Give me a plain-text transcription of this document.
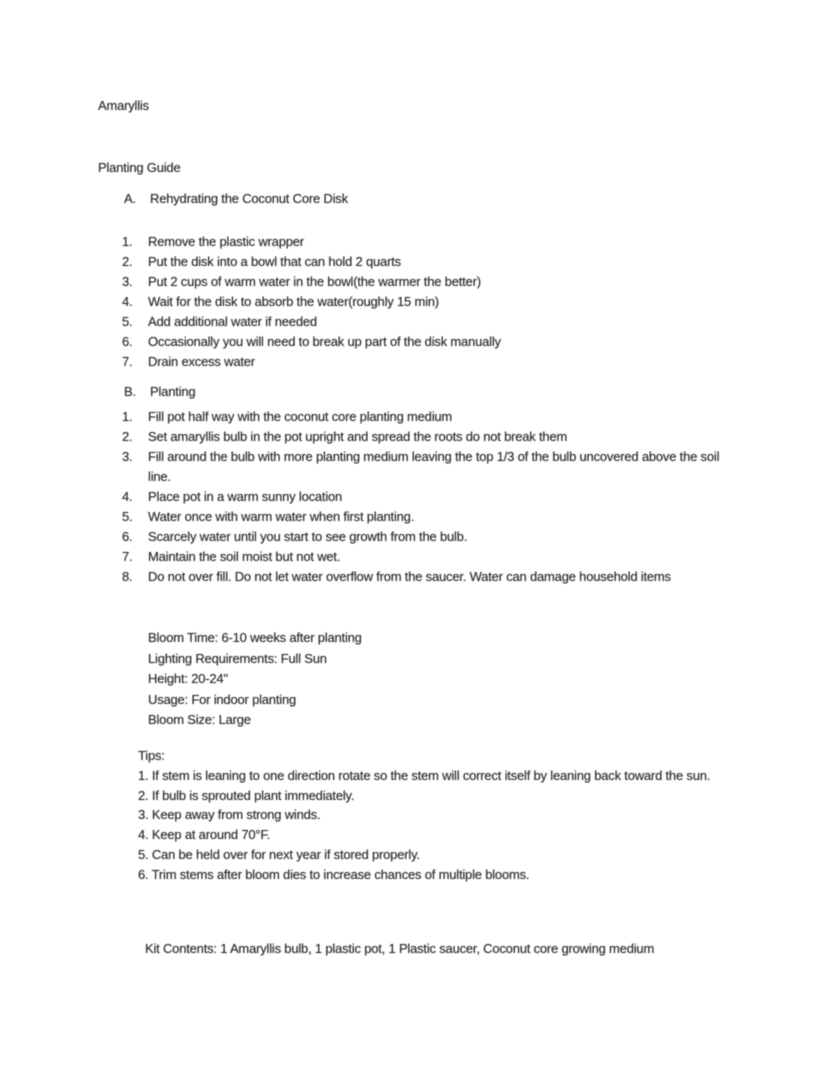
Amaryllis
Planting Guide
A.	Rehydrating the Coconut Core Disk
1.	Remove the plastic wrapper
2.	Put the disk into a bowl that can hold 2 quarts
3.	Put 2 cups of warm water in the bowl(the warmer the better)
4.	Wait for the disk to absorb the water(roughly 15 min)
5.	Add additional water if needed
6.	Occasionally you will need to break up part of the disk manually
7.	Drain excess water
B.	Planting
1.	Fill pot half way with the coconut core planting medium
2.	Set amaryllis bulb in the pot upright and spread the roots do not break them
3.	Fill around the bulb with more planting medium leaving the top 1/3 of the bulb uncovered above the soil line.
4.	Place pot in a warm sunny location
5.	Water once with warm water when first planting.
6.	Scarcely water until you start to see growth from the bulb.
7.	Maintain the soil moist but not wet.
8.	Do not over fill. Do not let water overflow from the saucer. Water can damage household items
Bloom Time: 6-10 weeks after planting
Lighting Requirements: Full Sun
Height: 20-24"
Usage: For indoor planting
Bloom Size: Large
Tips:
1. If stem is leaning to one direction rotate so the stem will correct itself by leaning back toward the sun.
2. If bulb is sprouted plant immediately.
3. Keep away from strong winds.
4. Keep at around 70°F.
5. Can be held over for next year if stored properly.
6. Trim stems after bloom dies to increase chances of multiple blooms.
Kit Contents: 1 Amaryllis bulb, 1 plastic pot, 1 Plastic saucer, Coconut core growing medium
